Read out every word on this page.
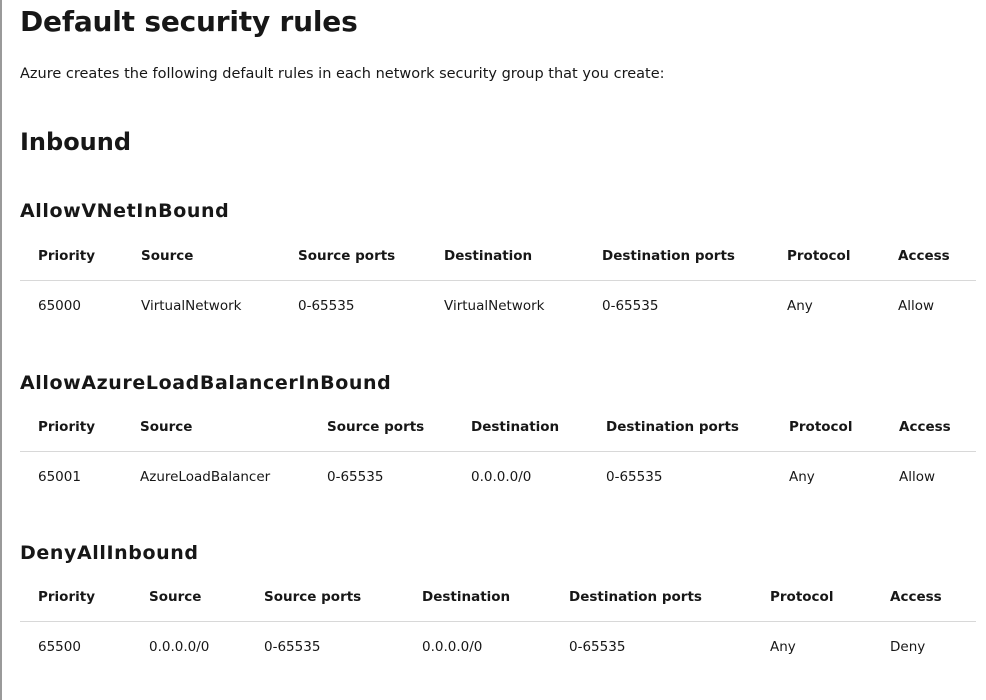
Default security rules

Azure creates the following default rules in each network security group that you create:

Inbound
AllowVNetInBound
Priority	Source	Source ports	Destination	Destination ports	Protocol	Access
65000	VirtualNetwork	0-65535	VirtualNetwork	0-65535	Any	Allow
AllowAzureLoadBalancerInBound
Priority	Source	Source ports	Destination	Destination ports	Protocol	Access
65001	AzureLoadBalancer	0-65535	0.0.0.0/0	0-65535	Any	Allow
DenyAllInbound
Priority	Source	Source ports	Destination	Destination ports	Protocol	Access
65500	0.0.0.0/0	0-65535	0.0.0.0/0	0-65535	Any	Deny
